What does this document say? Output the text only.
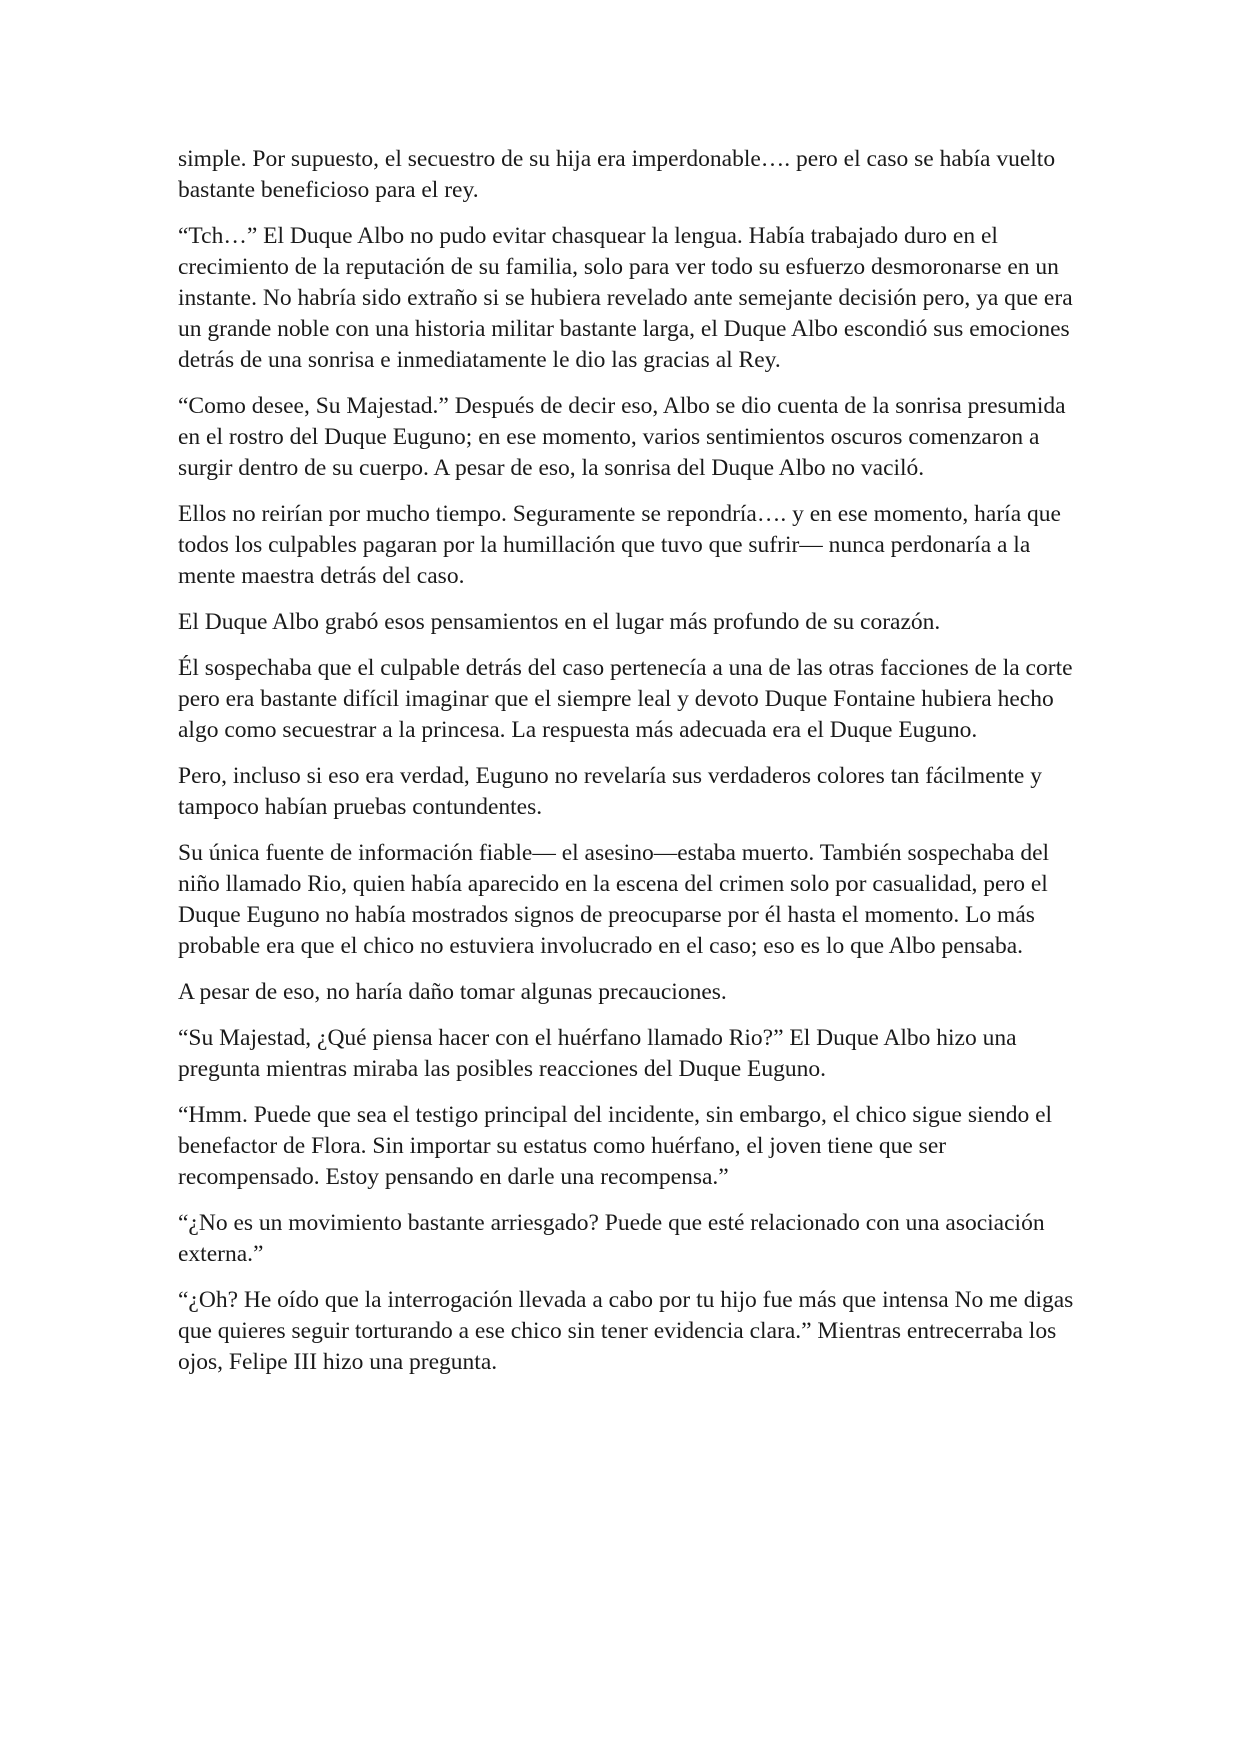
simple. Por supuesto, el secuestro de su hija era imperdonable…. pero el caso se había vuelto bastante beneficioso para el rey.

“Tch…” El Duque Albo no pudo evitar chasquear la lengua. Había trabajado duro en el crecimiento de la reputación de su familia, solo para ver todo su esfuerzo desmoronarse en un instante. No habría sido extraño si se hubiera revelado ante semejante decisión pero, ya que era un grande noble con una historia militar bastante larga, el Duque Albo escondió sus emociones detrás de una sonrisa e inmediatamente le dio las gracias al Rey.

“Como desee, Su Majestad.” Después de decir eso, Albo se dio cuenta de la sonrisa presumida en el rostro del Duque Euguno; en ese momento, varios sentimientos oscuros comenzaron a surgir dentro de su cuerpo. A pesar de eso, la sonrisa del Duque Albo no vaciló.

Ellos no reirían por mucho tiempo. Seguramente se repondría…. y en ese momento, haría que todos los culpables pagaran por la humillación que tuvo que sufrir— nunca perdonaría a la mente maestra detrás del caso.

El Duque Albo grabó esos pensamientos en el lugar más profundo de su corazón.

Él sospechaba que el culpable detrás del caso pertenecía a una de las otras facciones de la corte pero era bastante difícil imaginar que el siempre leal y devoto Duque Fontaine hubiera hecho algo como secuestrar a la princesa. La respuesta más adecuada era el Duque Euguno.

Pero, incluso si eso era verdad, Euguno no revelaría sus verdaderos colores tan fácilmente y tampoco habían pruebas contundentes.

Su única fuente de información fiable— el asesino—estaba muerto. También sospechaba del niño llamado Rio, quien había aparecido en la escena del crimen solo por casualidad, pero el Duque Euguno no había mostrados signos de preocuparse por él hasta el momento. Lo más probable era que el chico no estuviera involucrado en el caso; eso es lo que Albo pensaba.

A pesar de eso, no haría daño tomar algunas precauciones.

“Su Majestad, ¿Qué piensa hacer con el huérfano llamado Rio?” El Duque Albo hizo una pregunta mientras miraba las posibles reacciones del Duque Euguno.

“Hmm. Puede que sea el testigo principal del incidente, sin embargo, el chico sigue siendo el benefactor de Flora. Sin importar su estatus como huérfano, el joven tiene que ser recompensado. Estoy pensando en darle una recompensa.”

“¿No es un movimiento bastante arriesgado? Puede que esté relacionado con una asociación externa.”

“¿Oh? He oído que la interrogación llevada a cabo por tu hijo fue más que intensa No me digas que quieres seguir torturando a ese chico sin tener evidencia clara.” Mientras entrecerraba los ojos, Felipe III hizo una pregunta.
